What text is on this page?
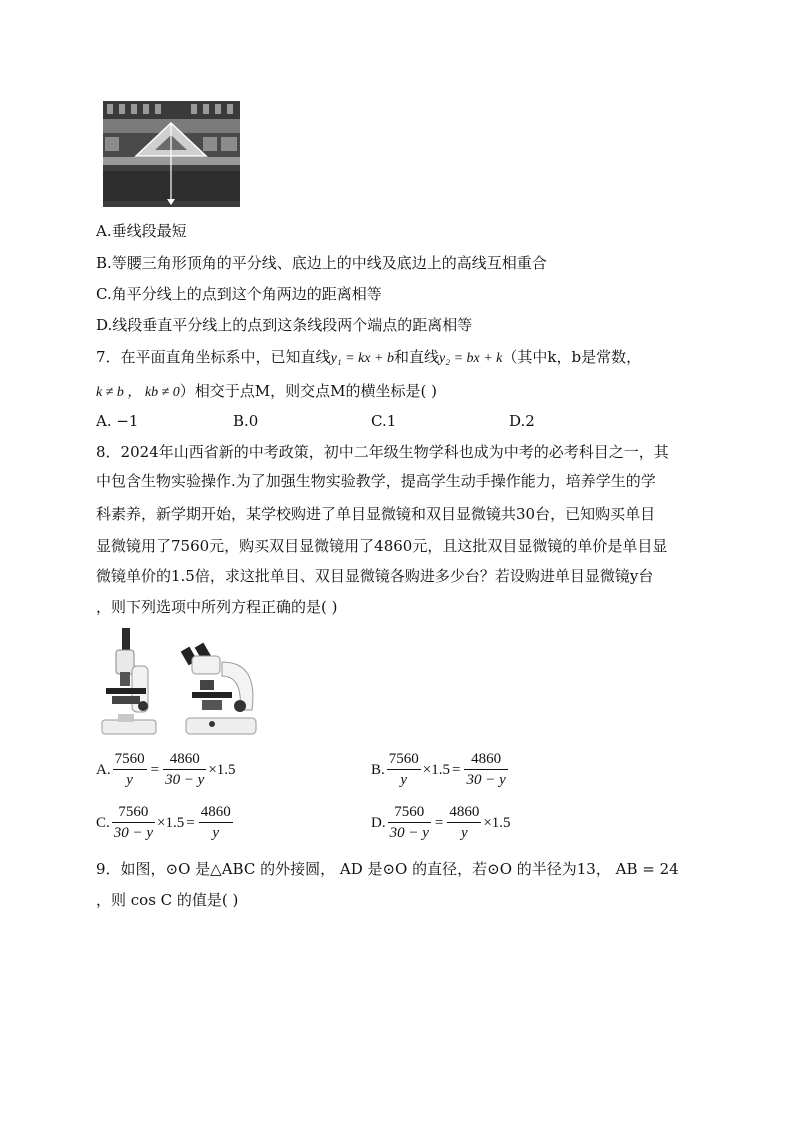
A.垂线段最短
B.等腰三角形顶角的平分线、底边上的中线及底边上的高线互相重合
C.角平分线上的点到这个角两边的距离相等
D.线段垂直平分线上的点到这条线段两个端点的距离相等
7．在平面直角坐标系中，已知直线y₁ = kx + b和直线y₂ = bx + k（其中k，b是常数，
k ≠ b ， kb ≠ 0）相交于点M，则交点M的横坐标是( )
A. −1	B.0	C.1	D.2
8．2024年山西省新的中考政策，初中二年级生物学科也成为中考的必考科目之一，其
中包含生物实验操作.为了加强生物实验教学，提高学生动手操作能力，培养学生的学
科素养，新学期开始，某学校购进了单目显微镜和双目显微镜共30台，已知购买单目
显微镜用了7560元，购买双目显微镜用了4860元，且这批双目显微镜的单价是单目显
微镜单价的1.5倍，求这批单目、双目显微镜各购进多少台？若设购进单目显微镜y台
，则下列选项中所列方程正确的是( )
A. $\frac{7560}{y} = \frac{4860}{30 - y} \times 1.5$	B. $\frac{7560}{y} \times 1.5 = \frac{4860}{30 - y}$
C. $\frac{7560}{30 - y} \times 1.5 = \frac{4860}{y}$	D. $\frac{7560}{30 - y} = \frac{4860}{y} \times 1.5$
9．如图，⊙O 是△ABC 的外接圆， AD 是⊙O 的直径，若⊙O 的半径为13， AB = 24
，则 cos C 的值是( )
